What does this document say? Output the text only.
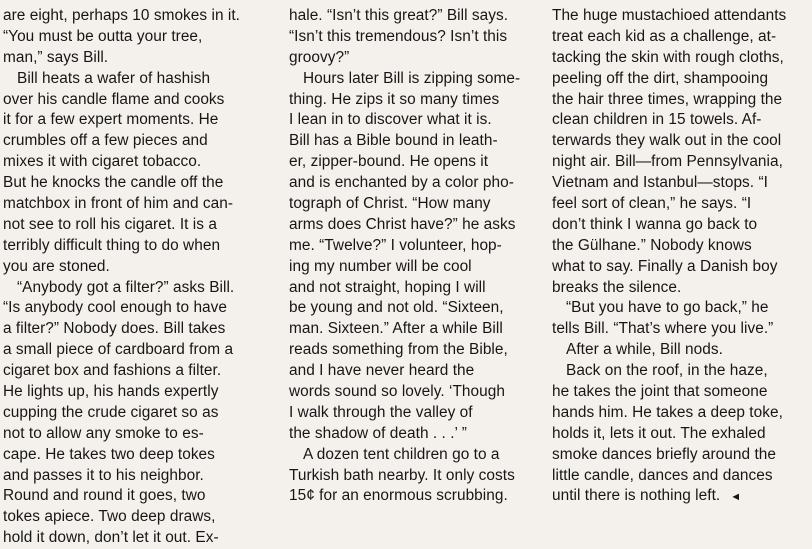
are eight, perhaps 10 smokes in it.
“You must be outta your tree,
man,” says Bill.
Bill heats a wafer of hashish
over his candle flame and cooks
it for a few expert moments. He
crumbles off a few pieces and
mixes it with cigaret tobacco.
But he knocks the candle off the
matchbox in front of him and can-
not see to roll his cigaret. It is a
terribly difficult thing to do when
you are stoned.
“Anybody got a filter?” asks Bill.
“Is anybody cool enough to have
a filter?” Nobody does. Bill takes
a small piece of cardboard from a
cigaret box and fashions a filter.
He lights up, his hands expertly
cupping the crude cigaret so as
not to allow any smoke to es-
cape. He takes two deep tokes
and passes it to his neighbor.
Round and round it goes, two
tokes apiece. Two deep draws,
hold it down, don’t let it out. Ex-
hale. “Isn’t this great?” Bill says.
“Isn’t this tremendous? Isn’t this
groovy?”
Hours later Bill is zipping some-
thing. He zips it so many times
I lean in to discover what it is.
Bill has a Bible bound in leath-
er, zipper-bound. He opens it
and is enchanted by a color pho-
tograph of Christ. “How many
arms does Christ have?” he asks
me. “Twelve?” I volunteer, hop-
ing my number will be cool
and not straight, hoping I will
be young and not old. “Sixteen,
man. Sixteen.” After a while Bill
reads something from the Bible,
and I have never heard the
words sound so lovely. ‘Though
I walk through the valley of
the shadow of death . . .’ ”
A dozen tent children go to a
Turkish bath nearby. It only costs
15¢ for an enormous scrubbing.
The huge mustachioed attendants
treat each kid as a challenge, at-
tacking the skin with rough cloths,
peeling off the dirt, shampooing
the hair three times, wrapping the
clean children in 15 towels. Af-
terwards they walk out in the cool
night air. Bill—from Pennsylvania,
Vietnam and Istanbul—stops. “I
feel sort of clean,” he says. “I
don’t think I wanna go back to
the Gülhane.” Nobody knows
what to say. Finally a Danish boy
breaks the silence.
“But you have to go back,” he
tells Bill. “That’s where you live.”
After a while, Bill nods.
Back on the roof, in the haze,
he takes the joint that someone
hands him. He takes a deep toke,
holds it, lets it out. The exhaled
smoke dances briefly around the
little candle, dances and dances
until there is nothing left. ◄
